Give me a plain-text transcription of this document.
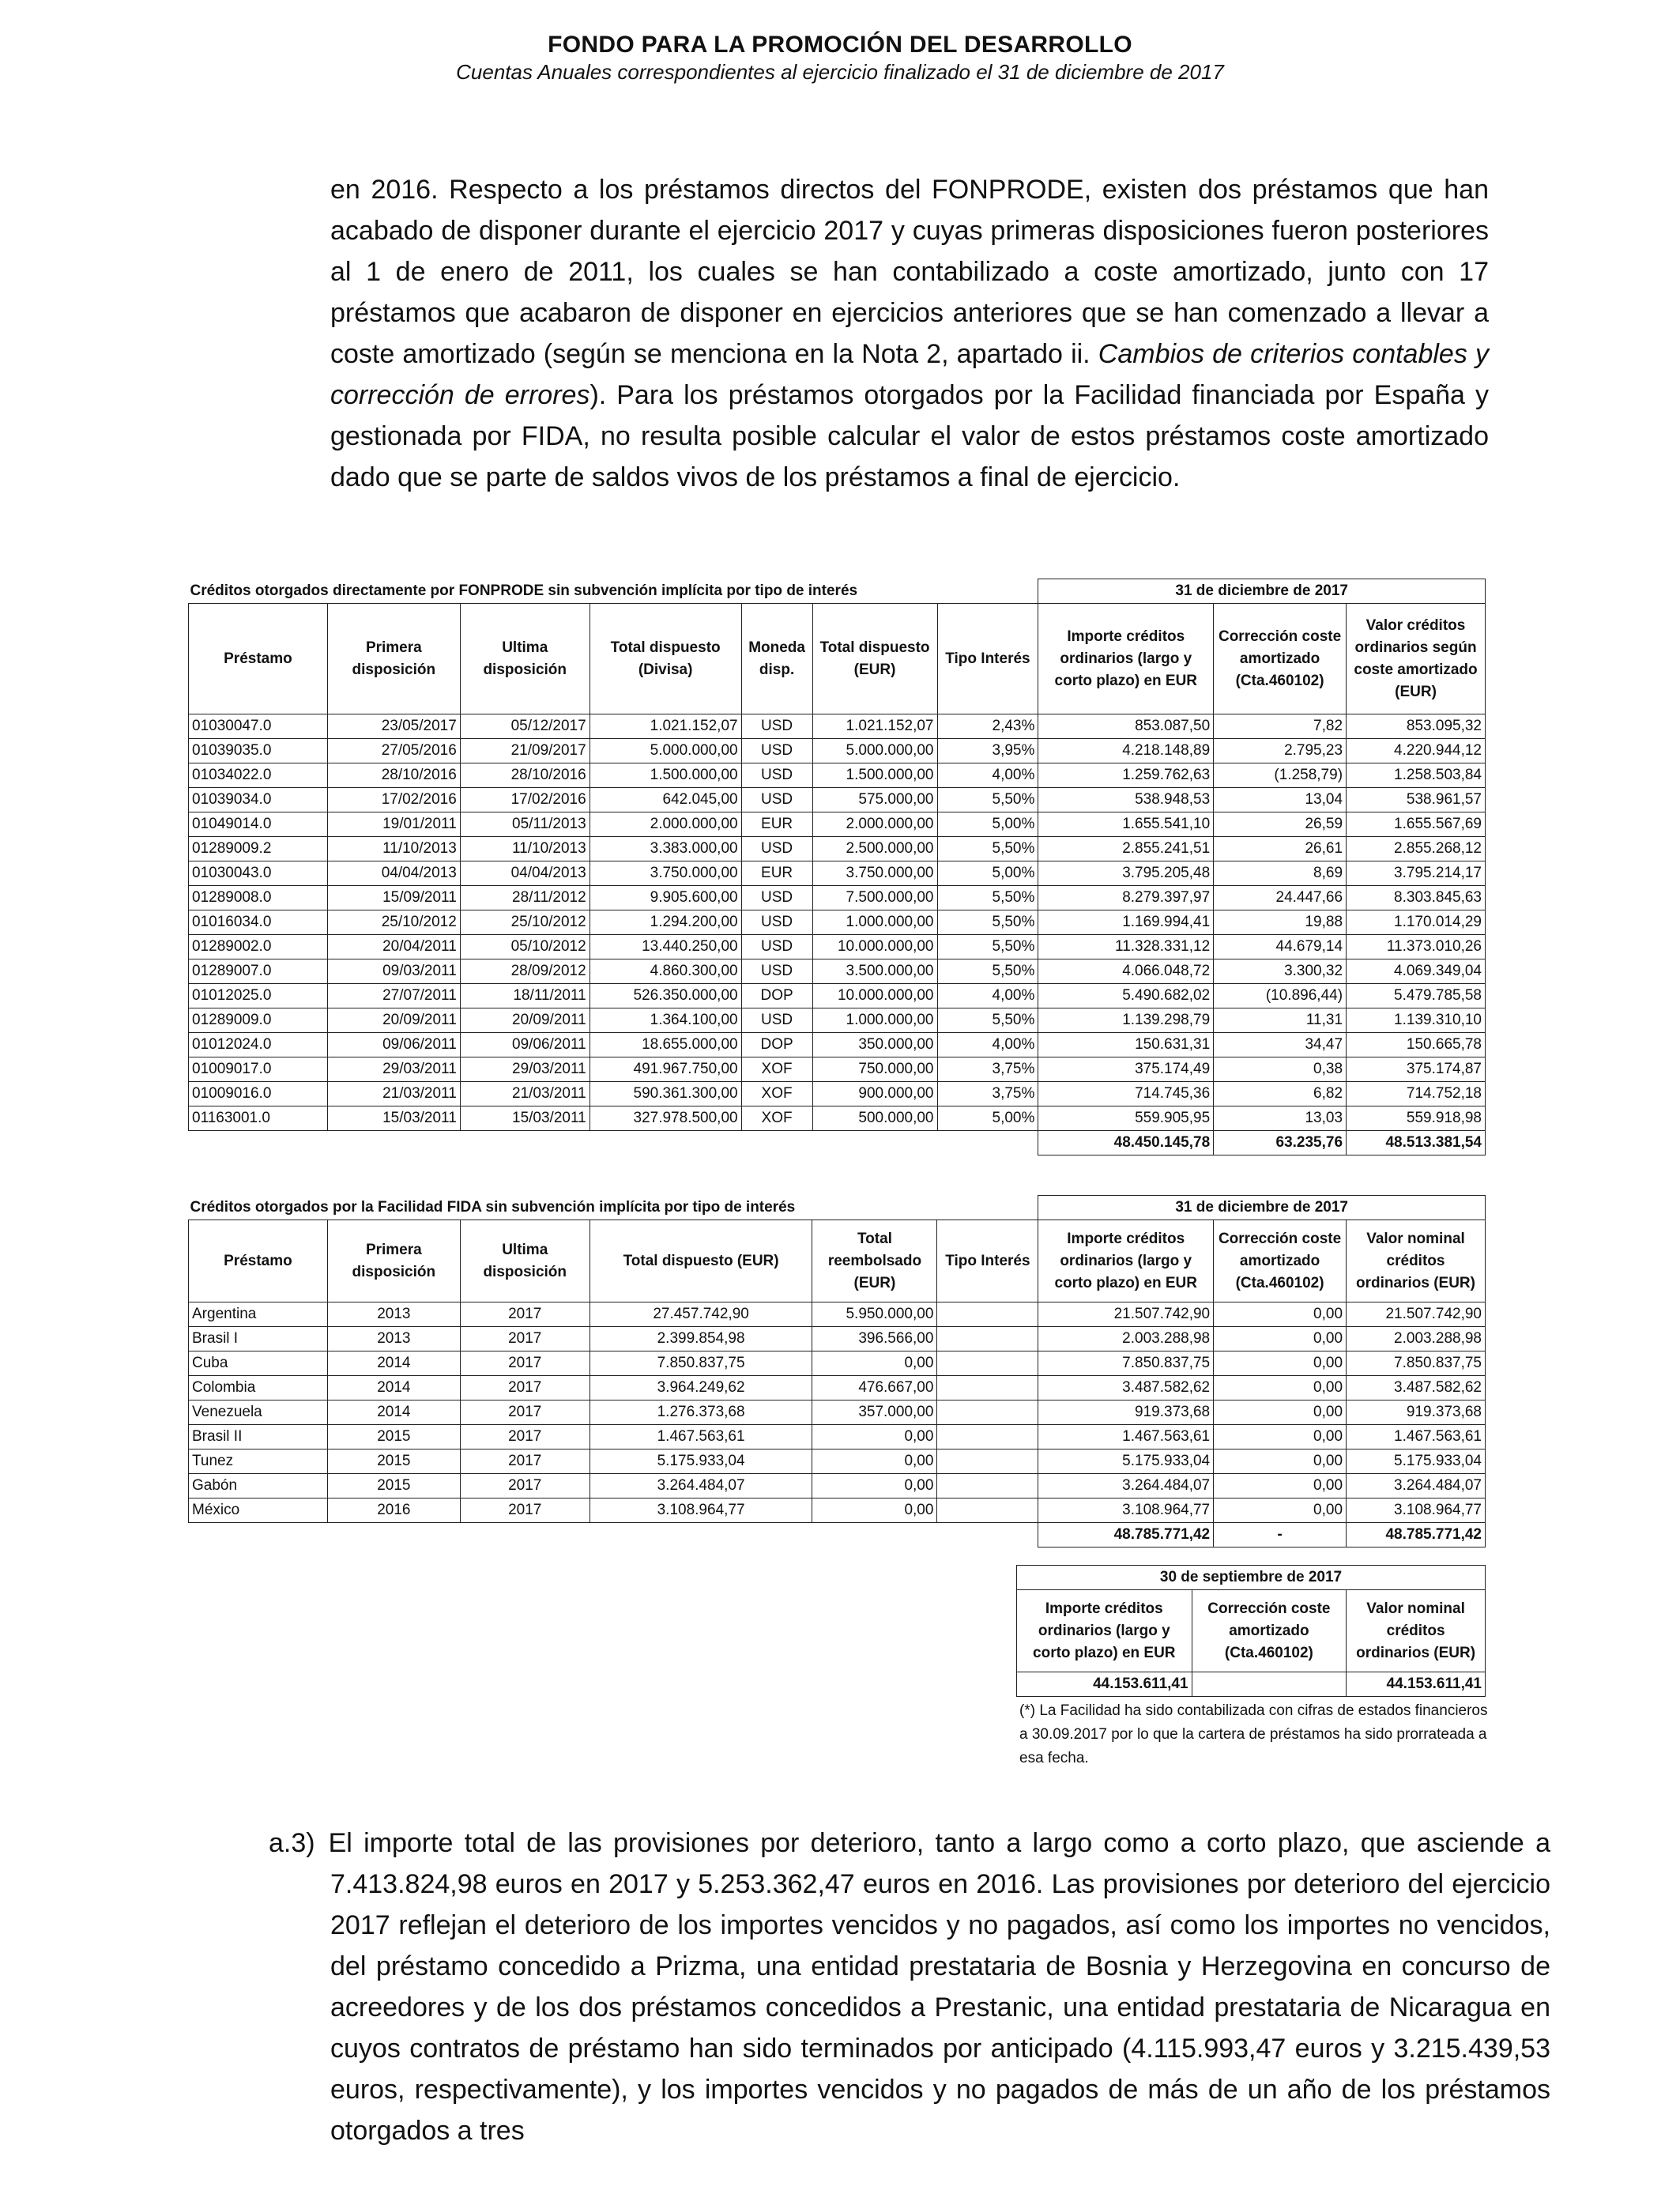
FONDO PARA LA PROMOCIÓN DEL DESARROLLO
Cuentas Anuales correspondientes al ejercicio finalizado el 31 de diciembre de 2017
en 2016. Respecto a los préstamos directos del FONPRODE, existen dos préstamos que han acabado de disponer durante el ejercicio 2017 y cuyas primeras disposiciones fueron posteriores al 1 de enero de 2011, los cuales se han contabilizado a coste amortizado, junto con 17 préstamos que acabaron de disponer en ejercicios anteriores que se han comenzado a llevar a coste amortizado (según se menciona en la Nota 2, apartado ii. Cambios de criterios contables y corrección de errores). Para los préstamos otorgados por la Facilidad financiada por España y gestionada por FIDA, no resulta posible calcular el valor de estos préstamos coste amortizado dado que se parte de saldos vivos de los préstamos a final de ejercicio.
Créditos otorgados directamente por FONPRODE sin subvención implícita por tipo de interés							31 de diciembre de 2017		
Préstamo	Primera disposición	Ultima disposición	Total dispuesto (Divisa)	Moneda disp.	Total dispuesto (EUR)	Tipo Interés	Importe créditos ordinarios (largo y corto plazo) en EUR	Corrección coste amortizado (Cta.460102)	Valor créditos ordinarios según coste amortizado (EUR)
01030047.0	23/05/2017	05/12/2017	1.021.152,07	USD	1.021.152,07	2,43%	853.087,50	7,82	853.095,32
01039035.0	27/05/2016	21/09/2017	5.000.000,00	USD	5.000.000,00	3,95%	4.218.148,89	2.795,23	4.220.944,12
01034022.0	28/10/2016	28/10/2016	1.500.000,00	USD	1.500.000,00	4,00%	1.259.762,63	(1.258,79)	1.258.503,84
01039034.0	17/02/2016	17/02/2016	642.045,00	USD	575.000,00	5,50%	538.948,53	13,04	538.961,57
01049014.0	19/01/2011	05/11/2013	2.000.000,00	EUR	2.000.000,00	5,00%	1.655.541,10	26,59	1.655.567,69
01289009.2	11/10/2013	11/10/2013	3.383.000,00	USD	2.500.000,00	5,50%	2.855.241,51	26,61	2.855.268,12
01030043.0	04/04/2013	04/04/2013	3.750.000,00	EUR	3.750.000,00	5,00%	3.795.205,48	8,69	3.795.214,17
01289008.0	15/09/2011	28/11/2012	9.905.600,00	USD	7.500.000,00	5,50%	8.279.397,97	24.447,66	8.303.845,63
01016034.0	25/10/2012	25/10/2012	1.294.200,00	USD	1.000.000,00	5,50%	1.169.994,41	19,88	1.170.014,29
01289002.0	20/04/2011	05/10/2012	13.440.250,00	USD	10.000.000,00	5,50%	11.328.331,12	44.679,14	11.373.010,26
01289007.0	09/03/2011	28/09/2012	4.860.300,00	USD	3.500.000,00	5,50%	4.066.048,72	3.300,32	4.069.349,04
01012025.0	27/07/2011	18/11/2011	526.350.000,00	DOP	10.000.000,00	4,00%	5.490.682,02	(10.896,44)	5.479.785,58
01289009.0	20/09/2011	20/09/2011	1.364.100,00	USD	1.000.000,00	5,50%	1.139.298,79	11,31	1.139.310,10
01012024.0	09/06/2011	09/06/2011	18.655.000,00	DOP	350.000,00	4,00%	150.631,31	34,47	150.665,78
01009017.0	29/03/2011	29/03/2011	491.967.750,00	XOF	750.000,00	3,75%	375.174,49	0,38	375.174,87
01009016.0	21/03/2011	21/03/2011	590.361.300,00	XOF	900.000,00	3,75%	714.745,36	6,82	714.752,18
01163001.0	15/03/2011	15/03/2011	327.978.500,00	XOF	500.000,00	5,00%	559.905,95	13,03	559.918,98
							48.450.145,78	63.235,76	48.513.381,54
Créditos otorgados por la Facilidad FIDA sin subvención implícita por tipo de interés						31 de diciembre de 2017		
Préstamo	Primera disposición	Ultima disposición	Total dispuesto (EUR)	Total reembolsado (EUR)	Tipo Interés	Importe créditos ordinarios (largo y corto plazo) en EUR	Corrección coste amortizado (Cta.460102)	Valor nominal créditos ordinarios (EUR)
Argentina	2013	2017	27.457.742,90	5.950.000,00		21.507.742,90	0,00	21.507.742,90
Brasil I	2013	2017	2.399.854,98	396.566,00		2.003.288,98	0,00	2.003.288,98
Cuba	2014	2017	7.850.837,75	0,00		7.850.837,75	0,00	7.850.837,75
Colombia	2014	2017	3.964.249,62	476.667,00		3.487.582,62	0,00	3.487.582,62
Venezuela	2014	2017	1.276.373,68	357.000,00		919.373,68	0,00	919.373,68
Brasil II	2015	2017	1.467.563,61	0,00		1.467.563,61	0,00	1.467.563,61
Tunez	2015	2017	5.175.933,04	0,00		5.175.933,04	0,00	5.175.933,04
Gabón	2015	2017	3.264.484,07	0,00		3.264.484,07	0,00	3.264.484,07
México	2016	2017	3.108.964,77	0,00		3.108.964,77	0,00	3.108.964,77
						48.785.771,42	-	48.785.771,42
30 de septiembre de 2017		
Importe créditos ordinarios (largo y corto plazo) en EUR	Corrección coste amortizado (Cta.460102)	Valor nominal créditos ordinarios (EUR)
44.153.611,41		44.153.611,41
(*) La Facilidad ha sido contabilizada con cifras de estados financieros a 30.09.2017 por lo que la cartera de préstamos ha sido prorrateada a esa fecha.
a.3) El importe total de las provisiones por deterioro, tanto a largo como a corto plazo, que asciende a 7.413.824,98 euros en 2017 y 5.253.362,47 euros en 2016. Las provisiones por deterioro del ejercicio 2017 reflejan el deterioro de los importes vencidos y no pagados, así como los importes no vencidos, del préstamo concedido a Prizma, una entidad prestataria de Bosnia y Herzegovina en concurso de acreedores y de los dos préstamos concedidos a Prestanic, una entidad prestataria de Nicaragua en cuyos contratos de préstamo han sido terminados por anticipado (4.115.993,47 euros y 3.215.439,53 euros, respectivamente), y los importes vencidos y no pagados de más de un año de los préstamos otorgados a tres
